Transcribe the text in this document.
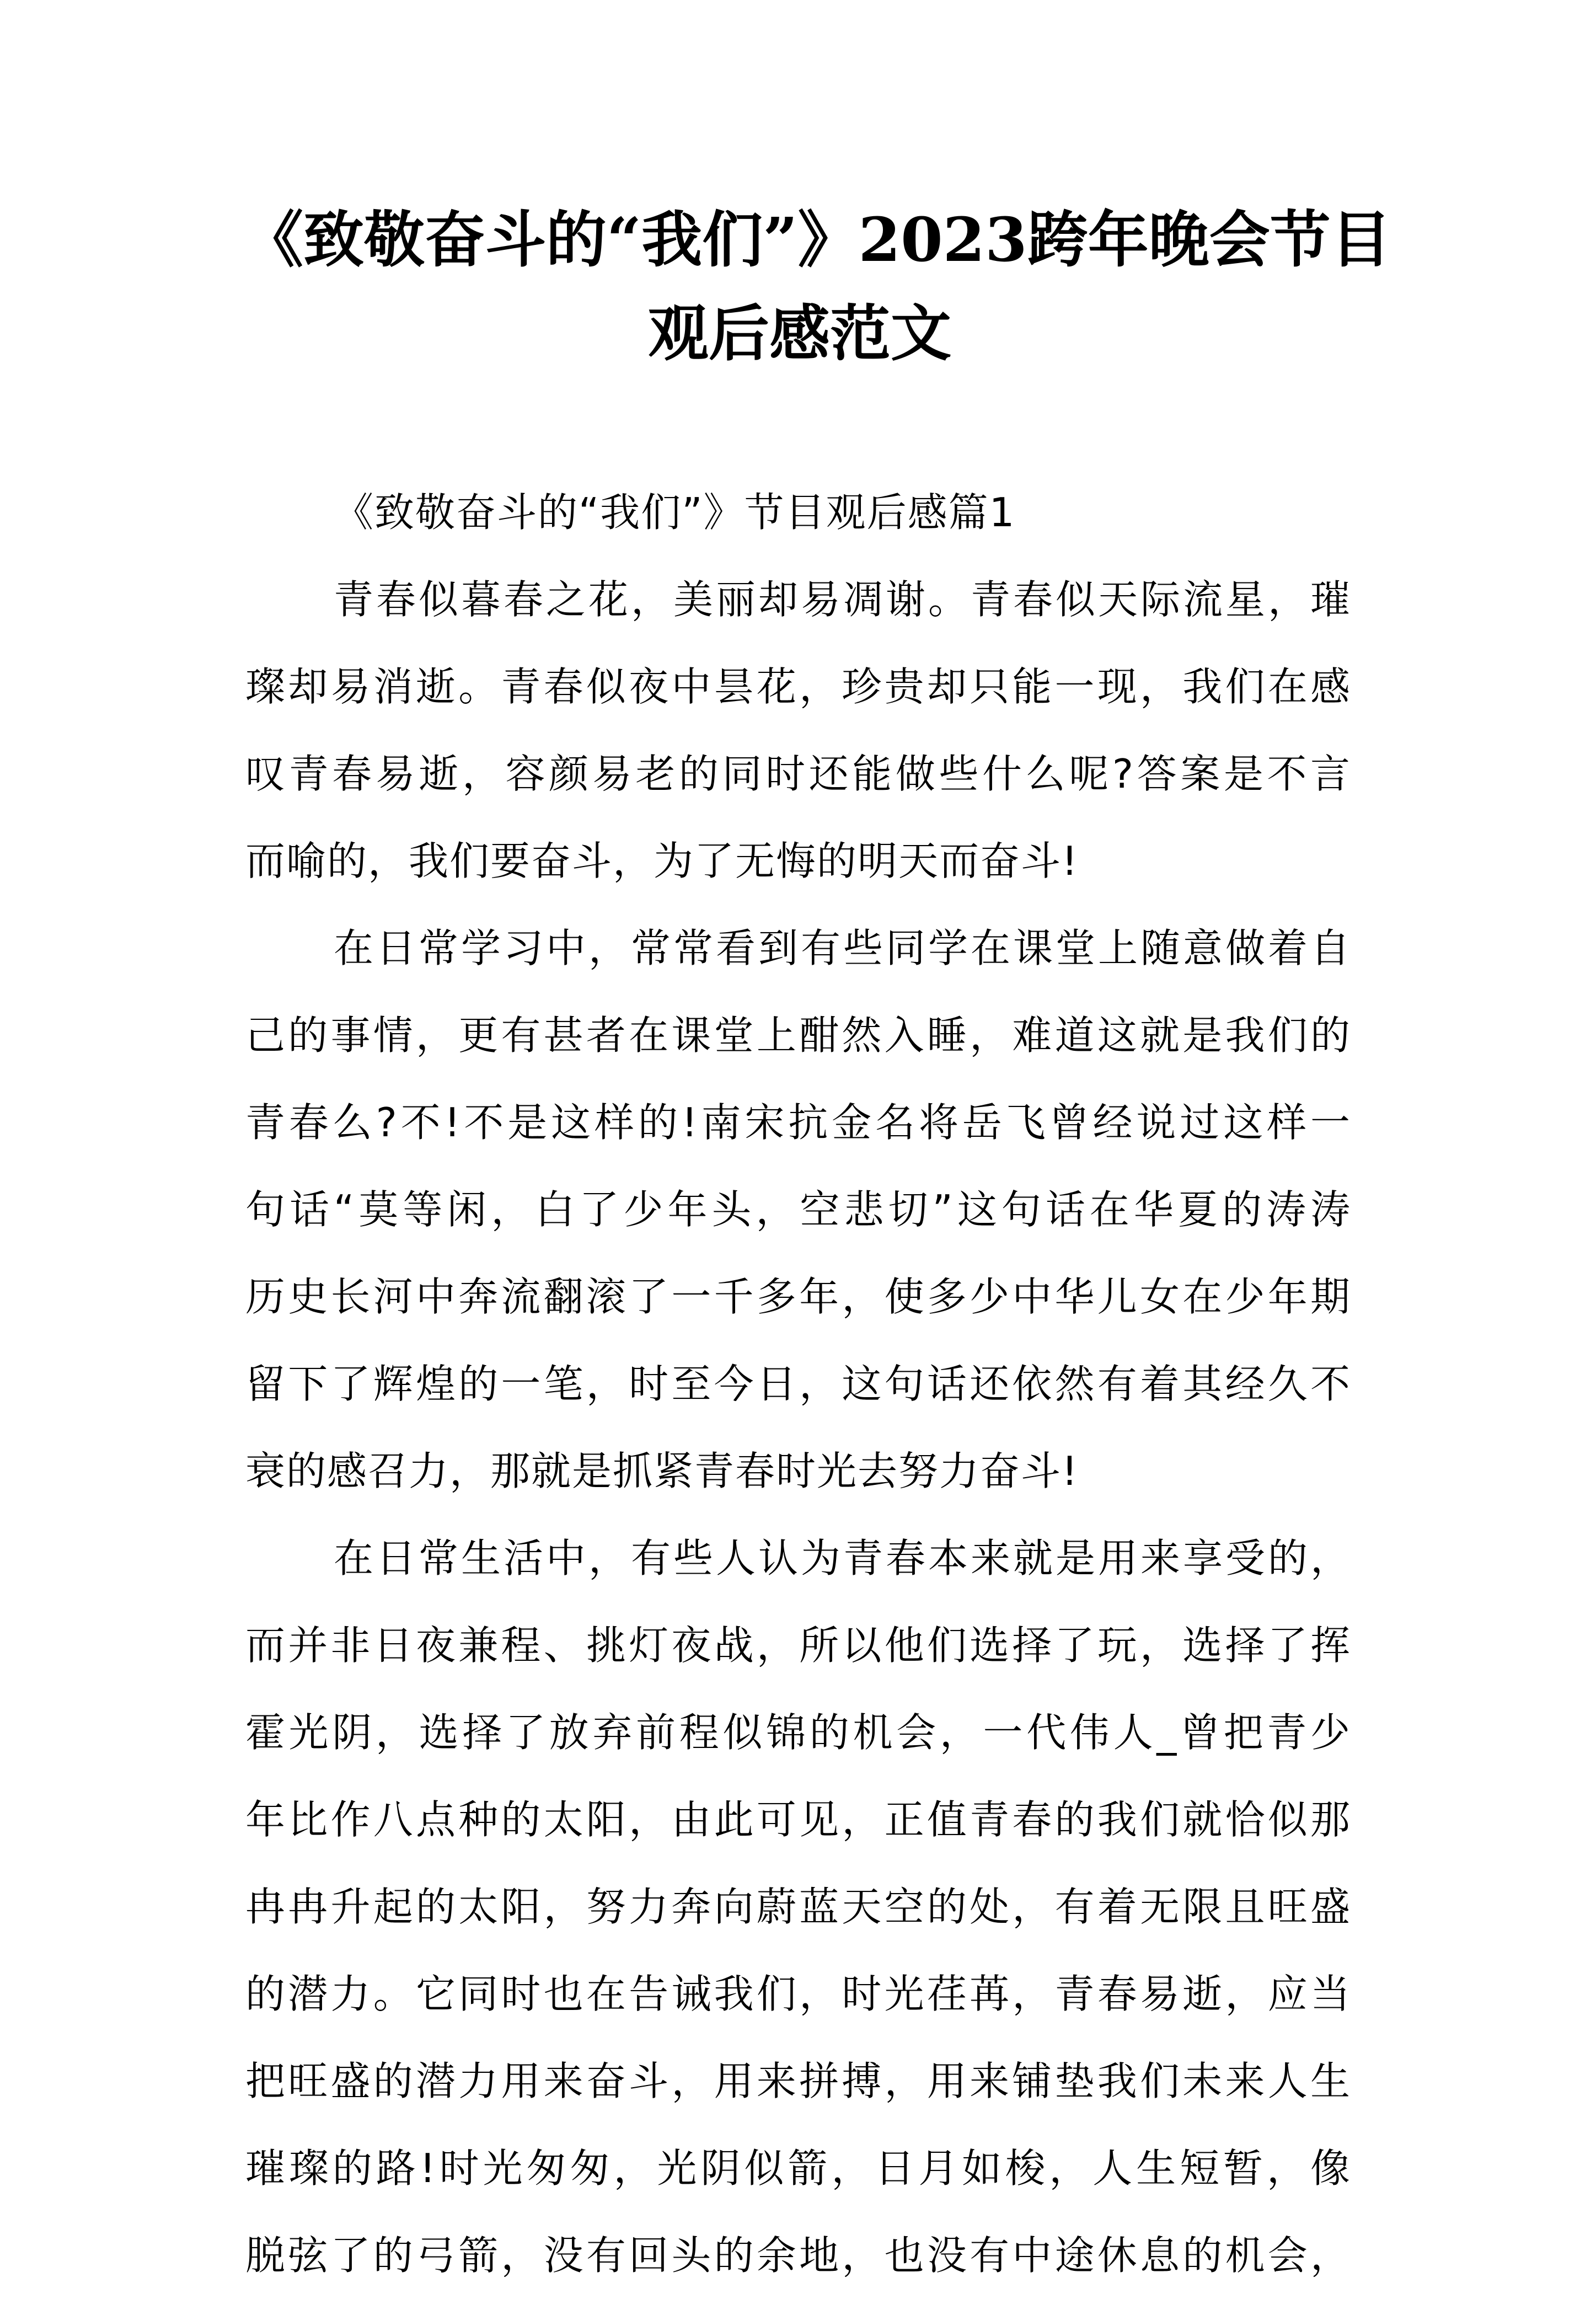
《致敬奋斗的“我们”》2023跨年晚会节目
观后感范文

《致敬奋斗的“我们”》节目观后感篇1

青春似暮春之花，美丽却易凋谢。青春似天际流星，璀
璨却易消逝。青春似夜中昙花，珍贵却只能一现，我们在感
叹青春易逝，容颜易老的同时还能做些什么呢?答案是不言
而喻的，我们要奋斗，为了无悔的明天而奋斗!
在日常学习中，常常看到有些同学在课堂上随意做着自
己的事情，更有甚者在课堂上酣然入睡，难道这就是我们的
青春么?不!不是这样的!南宋抗金名将岳飞曾经说过这样一
句话“莫等闲，白了少年头，空悲切”这句话在华夏的涛涛
历史长河中奔流翻滚了一千多年，使多少中华儿女在少年期
留下了辉煌的一笔，时至今日，这句话还依然有着其经久不
衰的感召力，那就是抓紧青春时光去努力奋斗!
在日常生活中，有些人认为青春本来就是用来享受的，
而并非日夜兼程、挑灯夜战，所以他们选择了玩，选择了挥
霍光阴，选择了放弃前程似锦的机会，一代伟人_曾把青少
年比作八点种的太阳，由此可见，正值青春的我们就恰似那
冉冉升起的太阳，努力奔向蔚蓝天空的处，有着无限且旺盛
的潜力。它同时也在告诫我们，时光荏苒，青春易逝，应当
把旺盛的潜力用来奋斗，用来拼搏，用来铺垫我们未来人生
璀璨的路!时光匆匆，光阴似箭，日月如梭，人生短暂，像
脱弦了的弓箭，没有回头的余地，也没有中途休息的机会，
